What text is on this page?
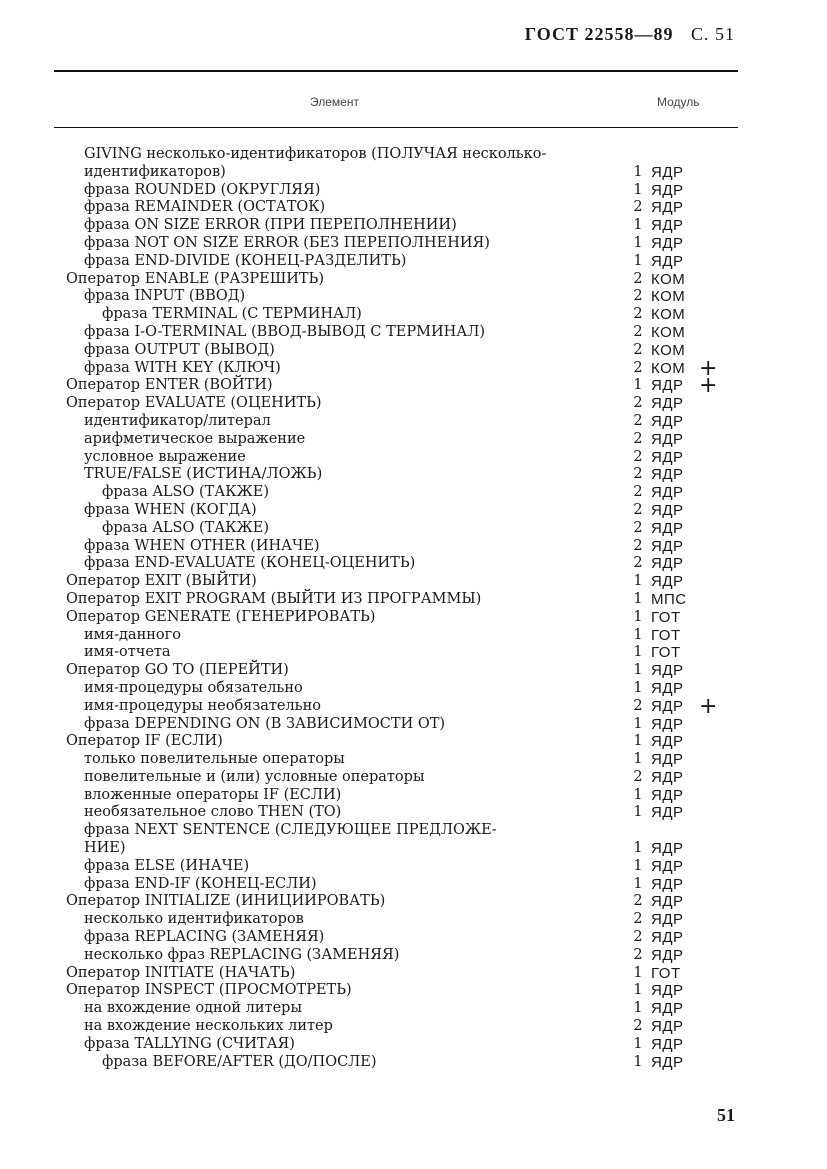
ГОСТ 22558—89 С. 51
Элемент	Модуль
GIVING несколько-идентификаторов (ПОЛУЧАЯ несколько-
идентификаторов)	1 ЯДР
фраза ROUNDED (ОКРУГЛЯЯ)	1 ЯДР
фраза REMAINDER (ОСТАТОК)	2 ЯДР
фраза ON SIZE ERROR (ПРИ ПЕРЕПОЛНЕНИИ)	1 ЯДР
фраза NOT ON SIZE ERROR (БЕЗ ПЕРЕПОЛНЕНИЯ)	1 ЯДР
фраза END-DIVIDE (КОНЕЦ-РАЗДЕЛИТЬ)	1 ЯДР
Оператор ENABLE (РАЗРЕШИТЬ)	2 КОМ
фраза INPUT (ВВОД)	2 КОМ
фраза TERMINAL (С ТЕРМИНАЛ)	2 КОМ
фраза I-O-TERMINAL (ВВОД-ВЫВОД С ТЕРМИНАЛ)	2 КОМ
фраза OUTPUT (ВЫВОД)	2 КОМ
фраза WITH KEY (КЛЮЧ)	2 КОМ +
Оператор ENTER (ВОЙТИ)	1 ЯДР +
Оператор EVALUATE (ОЦЕНИТЬ)	2 ЯДР
идентификатор/литерал	2 ЯДР
арифметическое выражение	2 ЯДР
условное выражение	2 ЯДР
TRUE/FALSE (ИСТИНА/ЛОЖЬ)	2 ЯДР
фраза ALSO (ТАКЖЕ)	2 ЯДР
фраза WHEN (КОГДА)	2 ЯДР
фраза ALSO (ТАКЖЕ)	2 ЯДР
фраза WHEN OTHER (ИНАЧЕ)	2 ЯДР
фраза END-EVALUATE (КОНЕЦ-ОЦЕНИТЬ)	2 ЯДР
Оператор EXIT (ВЫЙТИ)	1 ЯДР
Оператор EXIT PROGRAM (ВЫЙТИ ИЗ ПРОГРАММЫ)	1 МПС
Оператор GENERATE (ГЕНЕРИРОВАТЬ)	1 ГОТ
имя-данного	1 ГОТ
имя-отчета	1 ГОТ
Оператор GO TO (ПЕРЕЙТИ)	1 ЯДР
имя-процедуры обязательно	1 ЯДР
имя-процедуры необязательно	2 ЯДР +
фраза DEPENDING ON (В ЗАВИСИМОСТИ ОТ)	1 ЯДР
Оператор IF (ЕСЛИ)	1 ЯДР
только повелительные операторы	1 ЯДР
повелительные и (или) условные операторы	2 ЯДР
вложенные операторы IF (ЕСЛИ)	1 ЯДР
необязательное слово THEN (ТО)	1 ЯДР
фраза NEXT SENTENCE (СЛЕДУЮЩЕЕ ПРЕДЛОЖЕ-
НИЕ)	1 ЯДР
фраза ELSE (ИНАЧЕ)	1 ЯДР
фраза END-IF (КОНЕЦ-ЕСЛИ)	1 ЯДР
Оператор INITIALIZE (ИНИЦИИРОВАТЬ)	2 ЯДР
несколько идентификаторов	2 ЯДР
фраза REPLACING (ЗАМЕНЯЯ)	2 ЯДР
несколько фраз REPLACING (ЗАМЕНЯЯ)	2 ЯДР
Оператор INITIATE (НАЧАТЬ)	1 ГОТ
Оператор INSPECT (ПРОСМОТРЕТЬ)	1 ЯДР
на вхождение одной литеры	1 ЯДР
на вхождение нескольких литер	2 ЯДР
фраза TALLYING (СЧИТАЯ)	1 ЯДР
фраза BEFORE/AFTER (ДО/ПОСЛЕ)	1 ЯДР
51
